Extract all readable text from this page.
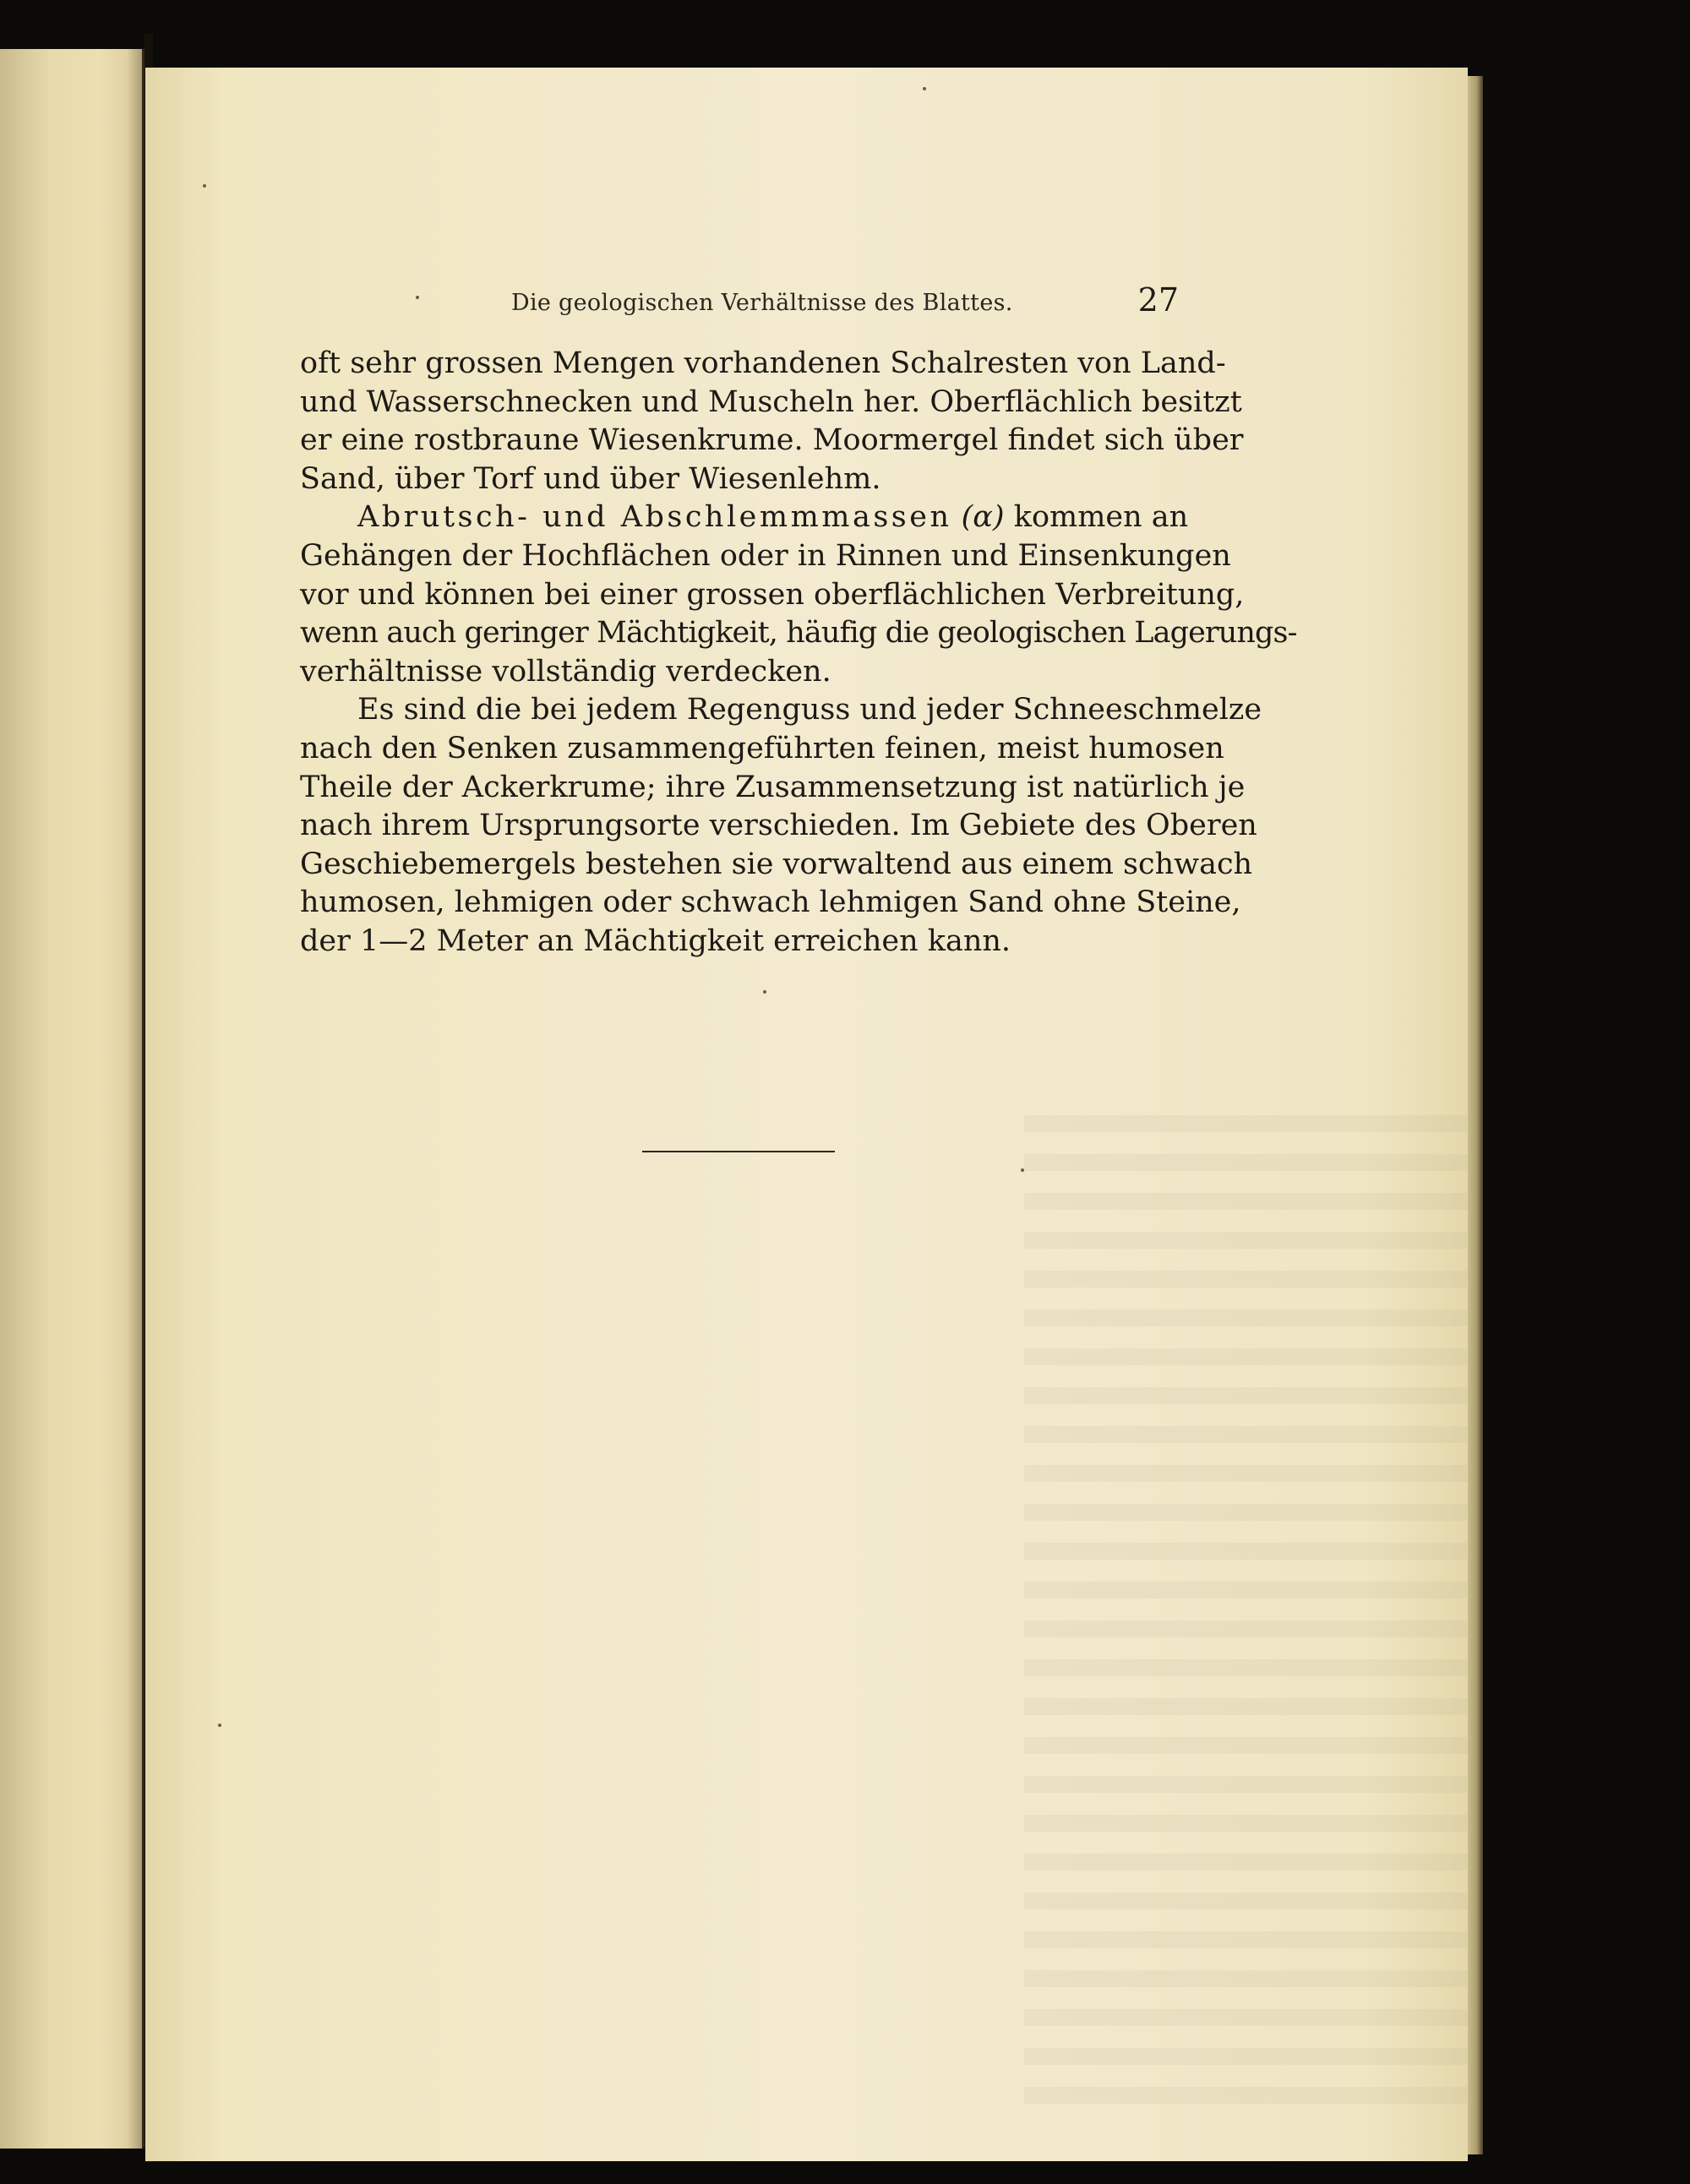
Die geologischen Verhältnisse des Blattes.	27

oft sehr grossen Mengen vorhandenen Schalresten von Land-
und Wasserschnecken und Muscheln her. Oberflächlich besitzt
er eine rostbraune Wiesenkrume. Moormergel findet sich über
Sand, über Torf und über Wiesenlehm.

Abrutsch- und Abschlemmmassen (α) kommen an
Gehängen der Hochflächen oder in Rinnen und Einsenkungen
vor und können bei einer grossen oberflächlichen Verbreitung,
wenn auch geringer Mächtigkeit, häufig die geologischen Lagerungs-
verhältnisse vollständig verdecken.

Es sind die bei jedem Regenguss und jeder Schneeschmelze
nach den Senken zusammengeführten feinen, meist humosen
Theile der Ackerkrume; ihre Zusammensetzung ist natürlich je
nach ihrem Ursprungsorte verschieden. Im Gebiete des Oberen
Geschiebemergels bestehen sie vorwaltend aus einem schwach
humosen, lehmigen oder schwach lehmigen Sand ohne Steine,
der 1—2 Meter an Mächtigkeit erreichen kann.
